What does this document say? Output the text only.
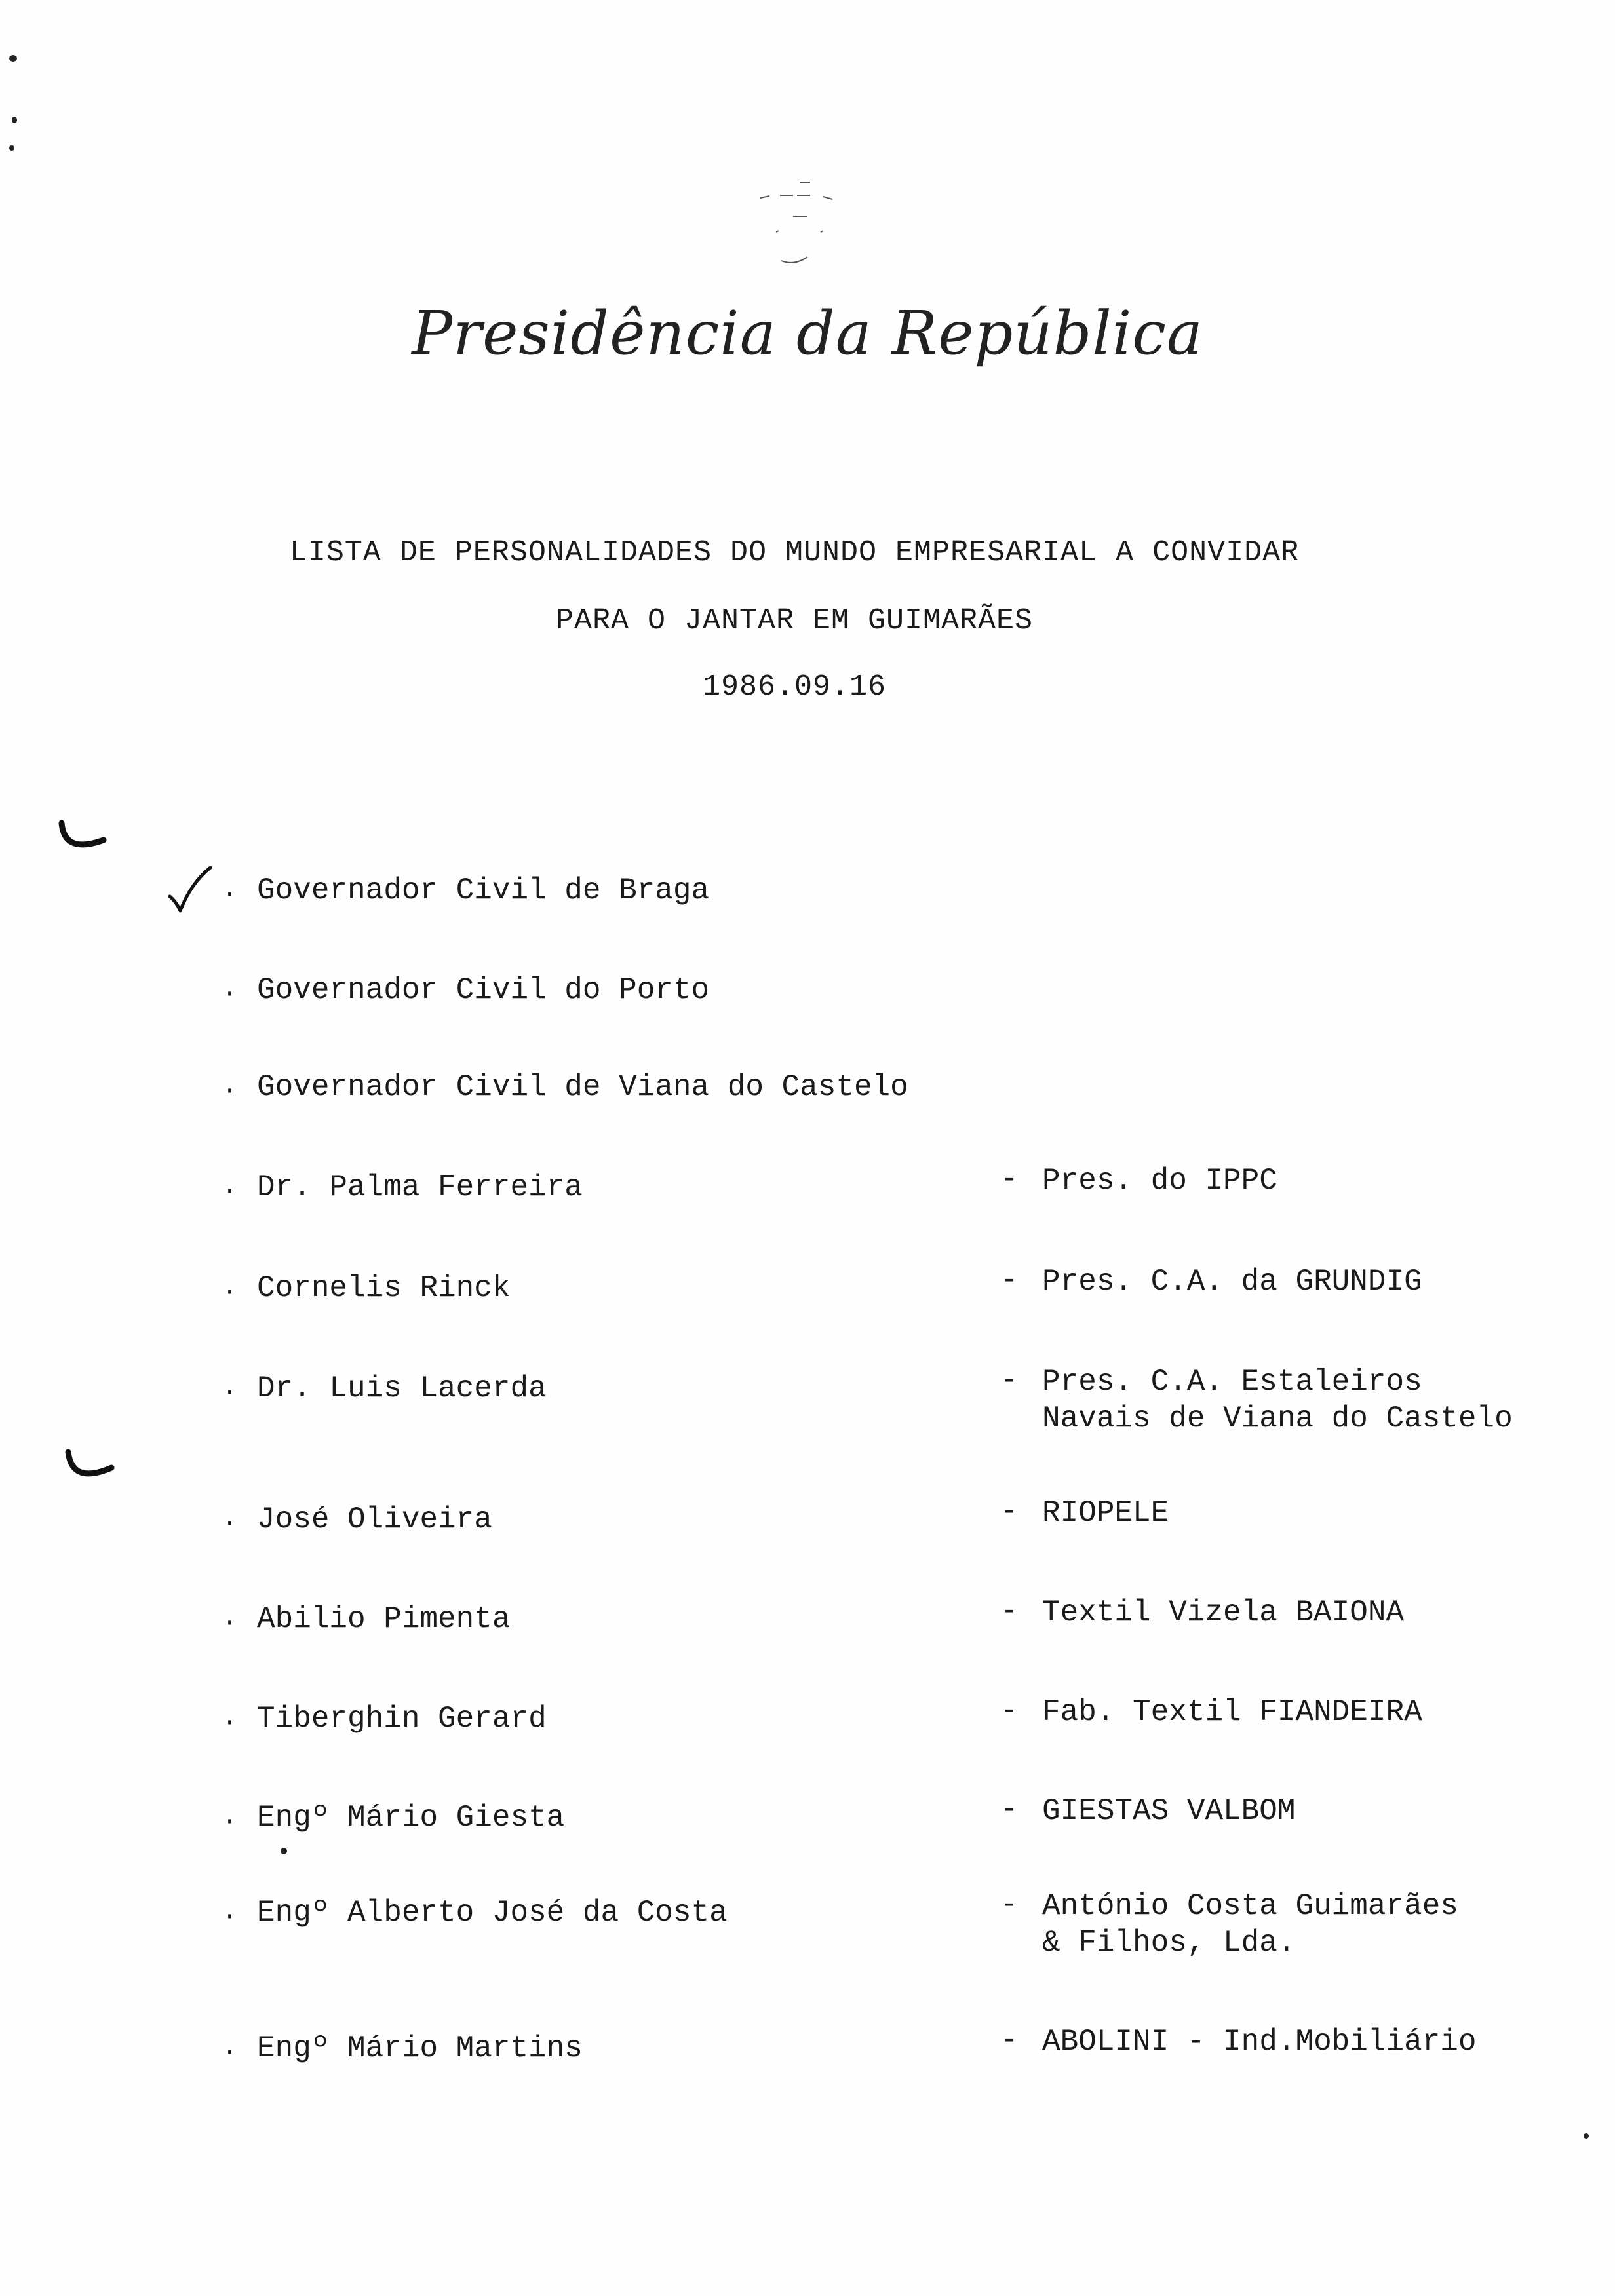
Presidência da República
LISTA DE PERSONALIDADES DO MUNDO EMPRESARIAL A CONVIDAR
PARA O JANTAR EM GUIMARÃES
1986.09.16
· Governador Civil de Braga
· Governador Civil do Porto
· Governador Civil de Viana do Castelo
· Dr. Palma Ferreira	- Pres. do IPPC
· Cornelis Rinck	- Pres. C.A. da GRUNDIG
· Dr. Luis Lacerda	- Pres. C.A. Estaleiros
Navais de Viana do Castelo
· José Oliveira	- RIOPELE
· Abilio Pimenta	- Textil Vizela BAIONA
· Tiberghin Gerard	- Fab. Textil FIANDEIRA
· Engº Mário Giesta	- GIESTAS VALBOM
· Engº Alberto José da Costa	- António Costa Guimarães
& Filhos, Lda.
· Engº Mário Martins	- ABOLINI - Ind.Mobiliário
